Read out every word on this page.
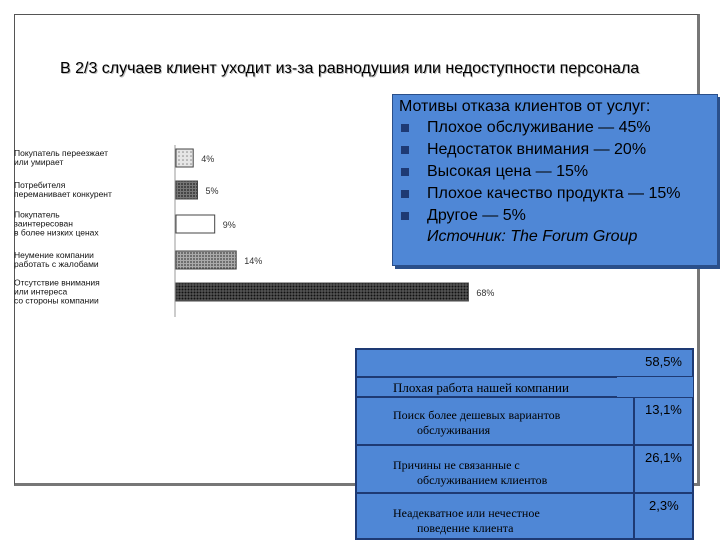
В 2/3 случаев клиент уходит из-за равнодушия или недоступности персонала
Мотивы отказа клиентов от услуг:
Плохое обслуживание — 45%
Недостаток внимания — 20%
Высокая цена — 15%
Плохое качество продукта — 15%
Другое — 5%
Источник: The Forum Group
4%
Покупатель переезжает или умирает
5%
Потребителя переманивает конкурент
9%
Покупатель заинтересован в более низких ценах
14%
Неумение компании работать с жалобами
68%
Отсутствие внимания или интереса со стороны компании
58,5%
Плохая работа нашей компании
Поиск более дешевых вариантов
обслуживания
13,1%
Причины не связанные с
обслуживанием клиентов
26,1%
Неадекватное или нечестное
поведение клиента
2,3%
